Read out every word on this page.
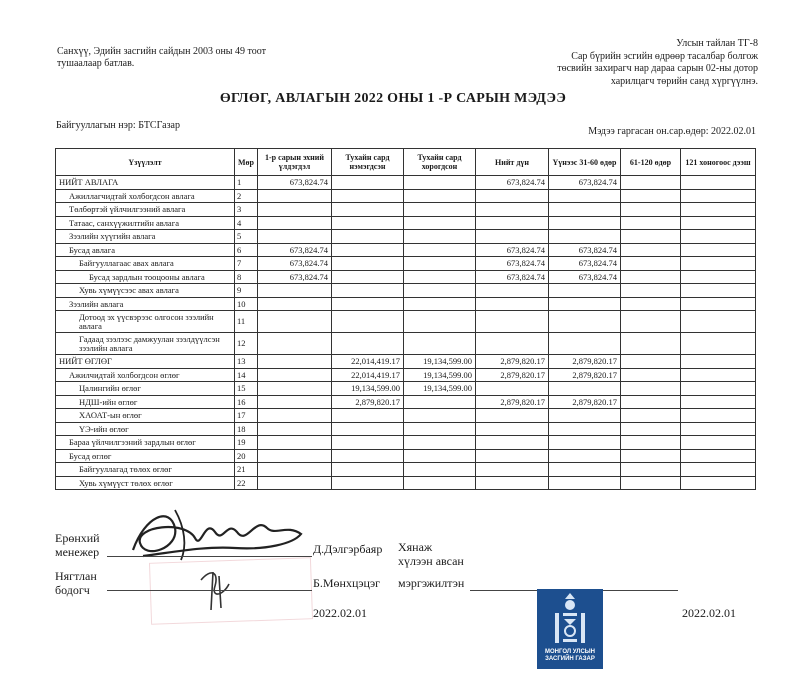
Санхүү, Эдийн засгийн сайдын 2003 оны 49 тоот
тушаалаар батлав.
Улсын тайлан ТГ-8
Сар бүрийн эсгийн өдрөөр тасалбар болгож
төсвийн захирагч нар дараа сарын 02-ны дотор
харилцагч төрийн санд хүргүүлнэ.
ӨГЛӨГ, АВЛАГЫН 2022 ОНЫ 1 -Р САРЫН МЭДЭЭ
Байгууллагын нэр: БТСГазар
Мэдээ гаргасан он.сар.өдөр: 2022.02.01
Үзүүлэлт	Мөр	1-р сарын эхний үлдэгдэл	Тухайн сард нэмэгдсэн	Тухайн сард хорогдсон	Нийт дүн	Үүнээс 31-60 өдөр	61-120 өдөр	121 хоногоос дээш
НИЙТ АВЛАГА	1	673,824.74			673,824.74	673,824.74		
Ажиллагчидтай холбогдсон авлага	2							
Төлбөртэй үйлчилгээний авлага	3							
Татаас, санхүүжилтийн авлага	4							
Зээлийн хүүгийн авлага	5							
Бусад авлага	6	673,824.74			673,824.74	673,824.74		
Байгууллагаас авах авлага	7	673,824.74			673,824.74	673,824.74		
Бусад зардлын тооцооны авлага	8	673,824.74			673,824.74	673,824.74		
Хувь хүмүүсээс авах авлага	9							
Зээлийн авлага	10							
Дотоод эх үүсвэрээс олгосон зээлийн авлага	11							
Гадаад зээлээс дамжуулан зээлдүүлсэн зээлийн авлага	12							
НИЙТ ӨГЛӨГ	13		22,014,419.17	19,134,599.00	2,879,820.17	2,879,820.17		
Ажилчидтай холбогдсон өглөг	14		22,014,419.17	19,134,599.00	2,879,820.17	2,879,820.17		
Цалингийн өглөг	15		19,134,599.00	19,134,599.00				
НДШ-ийн өглөг	16		2,879,820.17		2,879,820.17	2,879,820.17		
ХАОАТ-ын өглөг	17							
ҮЭ-ийн өглөг	18							
Бараа үйлчилгээний зардлын өглөг	19							
Бусад өглөг	20							
Байгууллагад төлөх өглөг	21							
Хувь хүмүүст төлөх өглөг	22							
Ерөнхий
менежер	Д.Дэлгэрбаяр
Нягтлан
бодогч	Б.Мөнхцэцэг
Хянаж
хүлээн авсан
мэргэжилтэн
2022.02.01	2022.02.01
МОНГОЛ УЛСЫН
ЗАСГИЙН ГАЗАР
